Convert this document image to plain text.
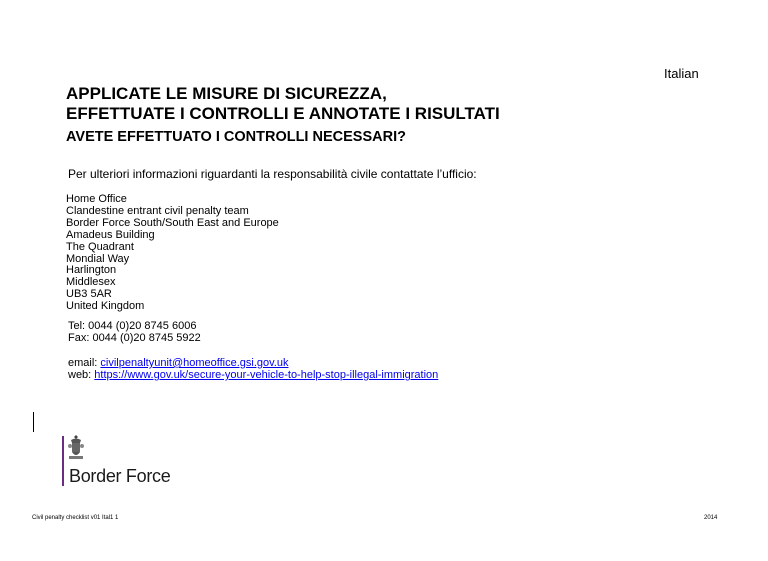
Italian
APPLICATE LE MISURE DI SICUREZZA,
EFFETTUATE I CONTROLLI E ANNOTATE I RISULTATI
AVETE EFFETTUATO I CONTROLLI NECESSARI?
Per ulteriori informazioni riguardanti la responsabilità civile contattate l’ufficio:
Home Office
Clandestine entrant civil penalty team
Border Force South/South East and Europe
Amadeus Building
The Quadrant
Mondial Way
Harlington
Middlesex
UB3 5AR
United Kingdom
Tel: 0044 (0)20 8745 6006
Fax: 0044 (0)20 8745 5922
email: civilpenaltyunit@homeoffice.gsi.gov.uk
web: https://www.gov.uk/secure-your-vehicle-to-help-stop-illegal-immigration
Border Force
Civil penalty checklist v01 Ital1 1	2014
